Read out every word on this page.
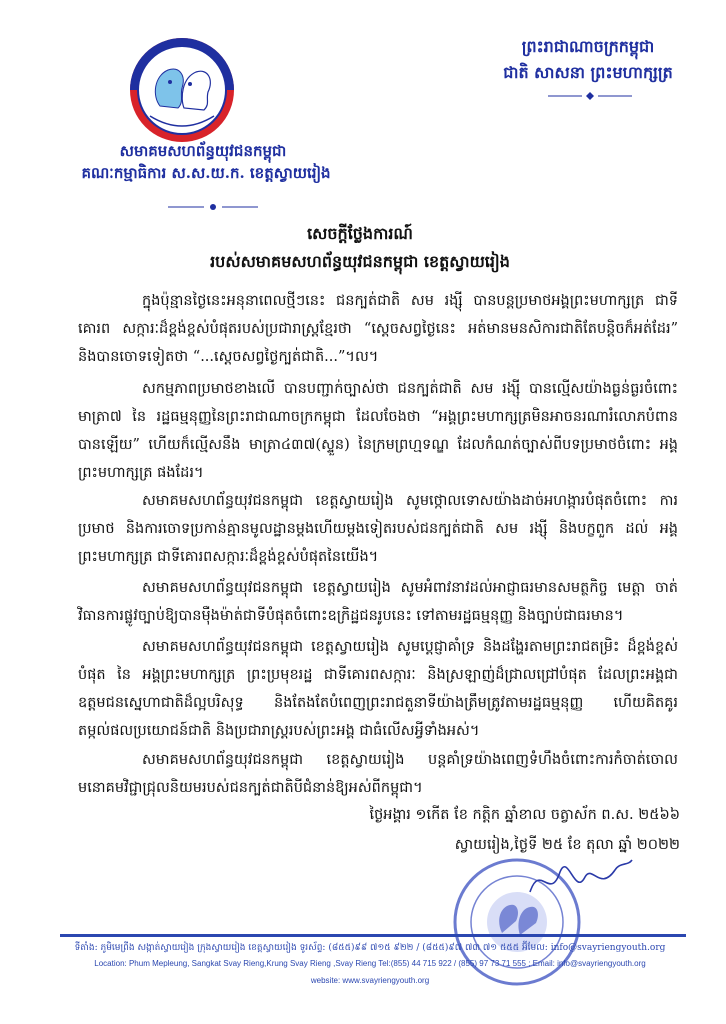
សមាគមសហព័ន្ធយុវជនកម្ពុជា
គណៈកម្មាធិការ ស.ស.យ.ក. ខេត្តស្វាយរៀង
ព្រះរាជាណាចក្រកម្ពុជា
ជាតិ សាសនា ព្រះមហាក្សត្រ
សេចក្តីថ្លែងការណ៍
របស់សមាគមសហព័ន្ធយុវជនកម្ពុជា ខេត្តស្វាយរៀង
ក្នុងប៉ុន្មានថ្ងៃនេះអនុនាពេលថ្មីៗនេះ ជនក្បត់ជាតិ សម រង្ស៊ី បានបន្តប្រមាថអង្គព្រះមហាក្សត្រ ជាទីគោរព សក្ការៈដ៏ខ្ពង់ខ្ពស់បំផុតរបស់ប្រជារាស្ត្រខ្មែរថា “ស្តេចសព្វថ្ងៃនេះ អត់មានមនសិការជាតិតែបន្តិចក៏អត់ដែរ” និងបានចោទទៀតថា “...ស្តេចសព្វថ្ងៃក្បត់ជាតិ...”។ល។
សកម្មភាពប្រមាថខាងលើ បានបញ្ជាក់ច្បាស់ថា ជនក្បត់ជាតិ សម រង្ស៊ី បានល្មើសយ៉ាងធ្ងន់ធ្ងរចំពោះ មាត្រា៧ នៃ រដ្ឋធម្មនុញ្ញនៃព្រះរាជាណាចក្រកម្ពុជា ដែលចែងថា “អង្គព្រះមហាក្សត្រមិនអាចនរណារំលោភបំពាន បានឡើយ” ហើយក៏ល្មើសនឹង មាត្រា៤៣៧(ស្ទួន) នៃក្រមព្រហ្មទណ្ឌ ដែលកំណត់ច្បាស់ពីបទប្រមាថចំពោះ អង្គព្រះមហាក្សត្រ ផងដែរ។
សមាគមសហព័ន្ធយុវជនកម្ពុជា ខេត្តស្វាយរៀង សូមថ្កោលទោសយ៉ាងដាច់អហង្ការបំផុតចំពោះ ការប្រមាថ និងការចោទប្រកាន់គ្មានមូលដ្ឋានម្តងហើយម្តងទៀតរបស់ជនក្បត់ជាតិ សម រង្ស៊ី និងបក្ខពួក ដល់ អង្គព្រះមហាក្សត្រ ជាទីគោរពសក្ការៈដ៏ខ្ពង់ខ្ពស់បំផុតនៃយើង។
សមាគមសហព័ន្ធយុវជនកម្ពុជា ខេត្តស្វាយរៀង សូមអំពាវនាវដល់អាជ្ញាធរមានសមត្ថកិច្ច មេត្តា ចាត់វិធានការផ្លូវច្បាប់ឱ្យបានម៉ឺងម៉ាត់ជាទីបំផុតចំពោះឧក្រិដ្ឋជនរូបនេះ ទៅតាមរដ្ឋធម្មនុញ្ញ និងច្បាប់ជាធរមាន។
សមាគមសហព័ន្ធយុវជនកម្ពុជា ខេត្តស្វាយរៀង សូមប្តេជ្ញាគាំទ្រ និងដង្ហែរតាមព្រះរាជតម្រិះ ដ៏ខ្ពង់ខ្ពស់បំផុត នៃ អង្គព្រះមហាក្សត្រ ព្រះប្រមុខរដ្ឋ ជាទីគោរពសក្ការៈ និងស្រឡាញ់ដ៏ជ្រាលជ្រៅបំផុត ដែលព្រះអង្គជាឧត្តមជនស្នេហាជាតិដ៏ល្អបរិសុទ្ធ និងតែងតែបំពេញព្រះរាជតួនាទីយ៉ាងត្រឹមត្រូវតាមរដ្ឋធម្មនុញ្ញ ហើយគិតគូរតម្កល់ផលប្រយោជន៍ជាតិ និងប្រជារាស្ត្ររបស់ព្រះអង្គ ជាធំលើសអ្វីទាំងអស់។
សមាគមសហព័ន្ធយុវជនកម្ពុជា ខេត្តស្វាយរៀង បន្តគាំទ្រយ៉ាងពេញទំហឹងចំពោះការកំចាត់ចោល មនោគមវិជ្ជាជ្រុលនិយមរបស់ជនក្បត់ជាតិបីជំនាន់ឱ្យអស់ពីកម្ពុជា។
ថ្ងៃអង្គារ ១កើត ខែ កត្តិក ឆ្នាំខាល ចត្វាស័ក ព.ស. ២៥៦៦
ស្វាយរៀង,ថ្ងៃទី ២៥ ខែ តុលា ឆ្នាំ ២០២២
ទីតាំង: ភូមិមេព្រីង សង្កាត់ស្វាយរៀង ក្រុងស្វាយរៀង ខេត្តស្វាយរៀង ទូរស័ព្ទ: (៨៥៥)៩៩ ៧១៥ ៩២២ / (៨៥៥)៩៧ ៧៣ ៧១ ៥៥៥ អ៊ីមែល: info@svayriengyouth.org
Location: Phum Mepleung, Sangkat Svay Rieng,Krung Svay Rieng ,Svay Rieng Tel:(855) 44 715 922 / (855) 97 73 71 555 ; Email: info@svayriengyouth.org
website: www.svayriengyouth.org
